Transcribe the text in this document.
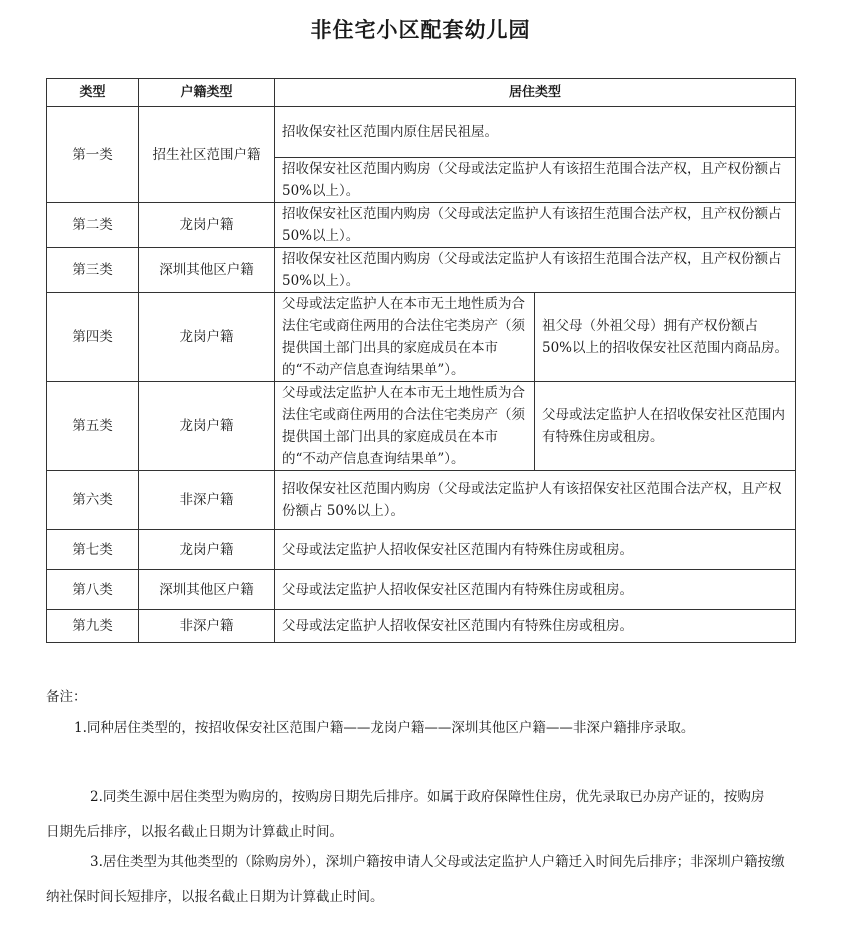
非住宅小区配套幼儿园
类型	户籍类型	居住类型	
第一类	招生社区范围户籍	招收保安社区范围内原住居民祖屋。	
		招收保安社区范围内购房（父母或法定监护人有该招生范围合法产权，且产权份额占 50%以上）。	
第二类	龙岗户籍	招收保安社区范围内购房（父母或法定监护人有该招生范围合法产权，且产权份额占 50%以上）。	
第三类	深圳其他区户籍	招收保安社区范围内购房（父母或法定监护人有该招生范围合法产权，且产权份额占 50%以上）。	
第四类	龙岗户籍	父母或法定监护人在本市无土地性质为合法住宅或商住两用的合法住宅类房产（须提供国土部门出具的家庭成员在本市的“不动产信息查询结果单”）。	祖父母（外祖父母）拥有产权份额占 50%以上的招收保安社区范围内商品房。
第五类	龙岗户籍	父母或法定监护人在本市无土地性质为合法住宅或商住两用的合法住宅类房产（须提供国土部门出具的家庭成员在本市的“不动产信息查询结果单”）。	父母或法定监护人在招收保安社区范围内有特殊住房或租房。
第六类	非深户籍	招收保安社区范围内购房（父母或法定监护人有该招保安社区范围合法产权，且产权份额占 50%以上）。	
第七类	龙岗户籍	父母或法定监护人招收保安社区范围内有特殊住房或租房。	
第八类	深圳其他区户籍	父母或法定监护人招收保安社区范围内有特殊住房或租房。	
第九类	非深户籍	父母或法定监护人招收保安社区范围内有特殊住房或租房。	
备注：
1.同种居住类型的，按招收保安社区范围户籍——龙岗户籍——深圳其他区户籍——非深户籍排序录取。
2.同类生源中居住类型为购房的，按购房日期先后排序。如属于政府保障性住房，优先录取已办房产证的，按购房日期先后排序，以报名截止日期为计算截止时间。
3.居住类型为其他类型的（除购房外），深圳户籍按申请人父母或法定监护人户籍迁入时间先后排序；非深圳户籍按缴纳社保时间长短排序，以报名截止日期为计算截止时间。
